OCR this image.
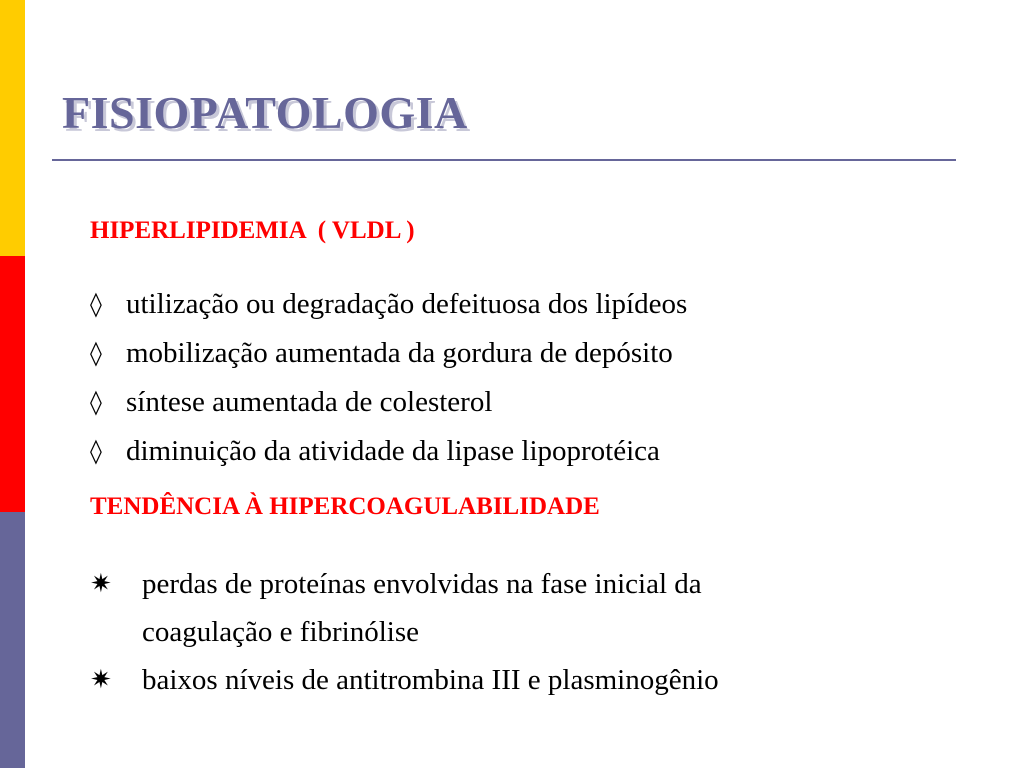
FISIOPATOLOGIA
HIPERLIPIDEMIA  ( VLDL )
◊ utilização ou degradação defeituosa dos lipídeos
◊ mobilização aumentada da gordura de depósito
◊ síntese aumentada de colesterol
◊ diminuição da atividade da lipase lipoprotéica
TENDÊNCIA À HIPERCOAGULABILIDADE
✷	perdas de proteínas envolvidas na fase inicial da
coagulação e fibrinólise
✷	baixos níveis de antitrombina III e plasminogênio
